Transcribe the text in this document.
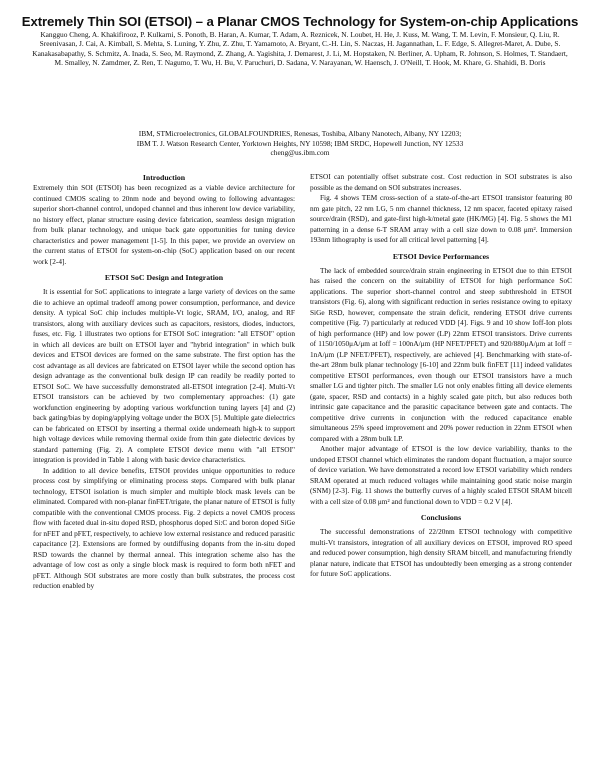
Extremely Thin SOI (ETSOI) – a Planar CMOS Technology for System-on-chip Applications
Kangguo Cheng, A. Khakifirooz, P. Kulkarni, S. Ponoth, B. Haran, A. Kumar, T. Adam, A. Reznicek, N. Loubet, H. He, J. Kuss, M. Wang, T. M. Levin, F. Monsieur, Q. Liu, R. Sreenivasan, J. Cai, A. Kimball, S. Mehta, S. Luning, Y. Zhu, Z. Zhu, T. Yamamoto, A. Bryant, C.-H. Lin, S. Naczas, H. Jagannathan, L. F. Edge, S. Allegret-Maret, A. Dube, S. Kanakasabapathy, S. Schmitz, A. Inada, S. Seo, M. Raymond, Z. Zhang, A. Yagishita, J. Demarest, J. Li, M. Hopstaken, N. Berliner, A. Upham, R. Johnson, S. Holmes, T. Standaert, M. Smalley, N. Zamdmer, Z. Ren, T. Nagumo, T. Wu, H. Bu, V. Paruchuri, D. Sadana, V. Narayanan, W. Haensch, J. O'Neill, T. Hook, M. Khare, G. Shahidi, B. Doris
IBM, STMicroelectronics, GLOBALFOUNDRIES, Renesas, Toshiba, Albany Nanotech, Albany, NY 12203;
IBM T. J. Watson Research Center, Yorktown Heights, NY 10598; IBM SRDC, Hopewell Junction, NY 12533
cheng@us.ibm.com
Introduction

Extremely thin SOI (ETSOI) has been recognized as a viable device architecture for continued CMOS scaling to 20nm node and beyond owing to following advantages: superior short-channel control, undoped channel and thus inherent low device variability, no history effect, planar structure easing device fabrication, seamless design migration from bulk planar technology, and unique back gate opportunities for tuning device characteristics and power management [1-5]. In this paper, we provide an overview on the current status of ETSOI for system-on-chip (SoC) application based on our recent work [2-4].

ETSOI SoC Design and Integration

It is essential for SoC applications to integrate a large variety of devices on the same die to achieve an optimal tradeoff among power consumption, performance, and device density. A typical SoC chip includes multiple-Vt logic, SRAM, I/O, analog, and RF transistors, along with auxiliary devices such as capacitors, resistors, diodes, inductors, fuses, etc. Fig. 1 illustrates two options for ETSOI SoC integration: "all ETSOI" option in which all devices are built on ETSOI layer and "hybrid integration" in which bulk devices and ETSOI devices are formed on the same substrate. The first option has the cost advantage as all devices are fabricated on ETSOI layer while the second option has design advantage as the conventional bulk design IP can readily be readily ported to ETSOI SoC. We have successfully demonstrated all-ETSOI integration [2-4]. Multi-Vt ETSOI transistors can be achieved by two complementary approaches: (1) gate workfunction engineering by adopting various workfunction tuning layers [4] and (2) back gating/bias by doping/applying voltage under the BOX [5]. Multiple gate dielectrics can be fabricated on ETSOI by inserting a thermal oxide underneath high-k to support high voltage devices while removing thermal oxide from thin gate dielectric devices by standard patterning (Fig. 2). A complete ETSOI device menu with "all ETSOI" integration is provided in Table 1 along with basic device characteristics.

In addition to all device benefits, ETSOI provides unique opportunities to reduce process cost by simplifying or eliminating process steps. Compared with bulk planar technology, ETSOI isolation is much simpler and multiple block mask levels can be eliminated. Compared with non-planar finFET/trigate, the planar nature of ETSOI is fully compatible with the conventional CMOS process. Fig. 2 depicts a novel CMOS process flow with faceted dual in-situ doped RSD, phosphorus doped Si:C and boron doped SiGe for nFET and pFET, respectively, to achieve low external resistance and reduced parasitic capacitance [2]. Extensions are formed by outdiffusing dopants from the in-situ doped RSD towards the channel by thermal anneal. This integration scheme also has the advantage of low cost as only a single block mask is required to form both nFET and pFET. Although SOI substrates are more costly than bulk substrates, the process cost reduction enabled by

ETSOI can potentially offset substrate cost. Cost reduction in SOI substrates is also possible as the demand on SOI substrates increases.

Fig. 4 shows TEM cross-section of a state-of-the-art ETSOI transistor featuring 80 nm gate pitch, 22 nm LG, 5 nm channel thickness, 12 nm spacer, faceted epitaxy raised source/drain (RSD), and gate-first high-k/metal gate (HK/MG) [4]. Fig. 5 shows the M1 patterning in a dense 6-T SRAM array with a cell size down to 0.08 μm². Immersion 193nm lithography is used for all critical level patterning [4].

ETSOI Device Performances

The lack of embedded source/drain strain engineering in ETSOI due to thin ETSOI has raised the concern on the suitability of ETSOI for high performance SoC applications. The superior short-channel control and steep subthreshold in ETSOI transistors (Fig. 6), along with significant reduction in series resistance owing to epitaxy SiGe RSD, however, compensate the strain deficit, rendering ETSOI drive currents competitive (Fig. 7) particularly at reduced VDD [4]. Figs. 9 and 10 show Ioff-Ion plots of high performance (HP) and low power (LP) 22nm ETSOI transistors. Drive currents of 1150/1050μA/μm at Ioff = 100nA/μm (HP NFET/PFET) and 920/880μA/μm at Ioff = 1nA/μm (LP NFET/PFET), respectively, are achieved [4]. Benchmarking with state-of-the-art 28nm bulk planar technology [6-10] and 22nm bulk finFET [11] indeed validates competitive ETSOI performances, even though our ETSOI transistors have a much smaller LG and tighter pitch. The smaller LG not only enables fitting all device elements (gate, spacer, RSD and contacts) in a highly scaled gate pitch, but also reduces both intrinsic gate capacitance and the parasitic capacitance between gate and contacts. The competitive drive currents in conjunction with the reduced capacitance enable simultaneous 25% speed improvement and 20% power reduction in 22nm ETSOI when compared with a 28nm bulk LP.

Another major advantage of ETSOI is the low device variability, thanks to the undoped ETSOI channel which eliminates the random dopant fluctuation, a major source of device variation. We have demonstrated a record low ETSOI variability which renders SRAM operated at much reduced voltages while maintaining good static noise margin (SNM) [2-3]. Fig. 11 shows the butterfly curves of a highly scaled ETSOI SRAM bitcell with a cell size of 0.08 μm² and functional down to VDD = 0.2 V [4].

Conclusions

The successful demonstrations of 22/20nm ETSOI technology with competitive multi-Vt transistors, integration of all auxiliary devices on ETSOI, improved RO speed and reduced power consumption, high density SRAM bitcell, and manufacturing friendly planar nature, indicate that ETSOI has undoubtedly been emerging as a strong contender for future SoC applications.
